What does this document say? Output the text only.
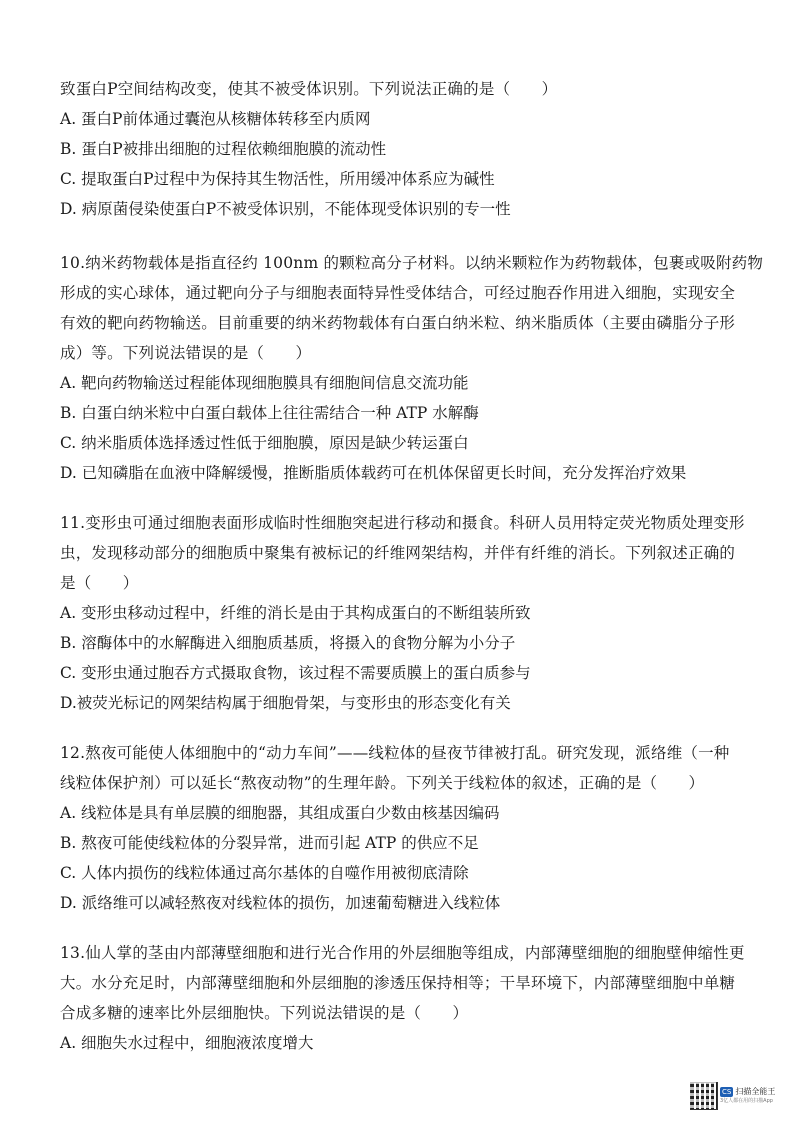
致蛋白P空间结构改变，使其不被受体识别。下列说法正确的是（　　）
A. 蛋白P前体通过囊泡从核糖体转移至内质网
B. 蛋白P被排出细胞的过程依赖细胞膜的流动性
C. 提取蛋白P过程中为保持其生物活性，所用缓冲体系应为碱性
D. 病原菌侵染使蛋白P不被受体识别，不能体现受体识别的专一性
10.纳米药物载体是指直径约 100nm 的颗粒高分子材料。以纳米颗粒作为药物载体，包裹或吸附药物
形成的实心球体，通过靶向分子与细胞表面特异性受体结合，可经过胞吞作用进入细胞，实现安全
有效的靶向药物输送。目前重要的纳米药物载体有白蛋白纳米粒、纳米脂质体（主要由磷脂分子形
成）等。下列说法错误的是（　　）
A. 靶向药物输送过程能体现细胞膜具有细胞间信息交流功能
B. 白蛋白纳米粒中白蛋白载体上往往需结合一种 ATP 水解酶
C. 纳米脂质体选择透过性低于细胞膜，原因是缺少转运蛋白
D. 已知磷脂在血液中降解缓慢，推断脂质体载药可在机体保留更长时间，充分发挥治疗效果
11.变形虫可通过细胞表面形成临时性细胞突起进行移动和摄食。科研人员用特定荧光物质处理变形
虫，发现移动部分的细胞质中聚集有被标记的纤维网架结构，并伴有纤维的消长。下列叙述正确的
是（　　）
A. 变形虫移动过程中，纤维的消长是由于其构成蛋白的不断组装所致
B. 溶酶体中的水解酶进入细胞质基质，将摄入的食物分解为小分子
C. 变形虫通过胞吞方式摄取食物，该过程不需要质膜上的蛋白质参与
D.被荧光标记的网架结构属于细胞骨架，与变形虫的形态变化有关
12.熬夜可能使人体细胞中的“动力车间”——线粒体的昼夜节律被打乱。研究发现，派络维（一种
线粒体保护剂）可以延长“熬夜动物”的生理年龄。下列关于线粒体的叙述，正确的是（　　）
A. 线粒体是具有单层膜的细胞器，其组成蛋白少数由核基因编码
B. 熬夜可能使线粒体的分裂异常，进而引起 ATP 的供应不足
C. 人体内损伤的线粒体通过高尔基体的自噬作用被彻底清除
D. 派络维可以减轻熬夜对线粒体的损伤，加速葡萄糖进入线粒体
13.仙人掌的茎由内部薄壁细胞和进行光合作用的外层细胞等组成，内部薄壁细胞的细胞壁伸缩性更
大。水分充足时，内部薄壁细胞和外层细胞的渗透压保持相等；干旱环境下，内部薄壁细胞中单糖
合成多糖的速率比外层细胞快。下列说法错误的是（　　）
A. 细胞失水过程中，细胞液浓度增大
CS 扫描全能王
3亿人都在用的扫描App
